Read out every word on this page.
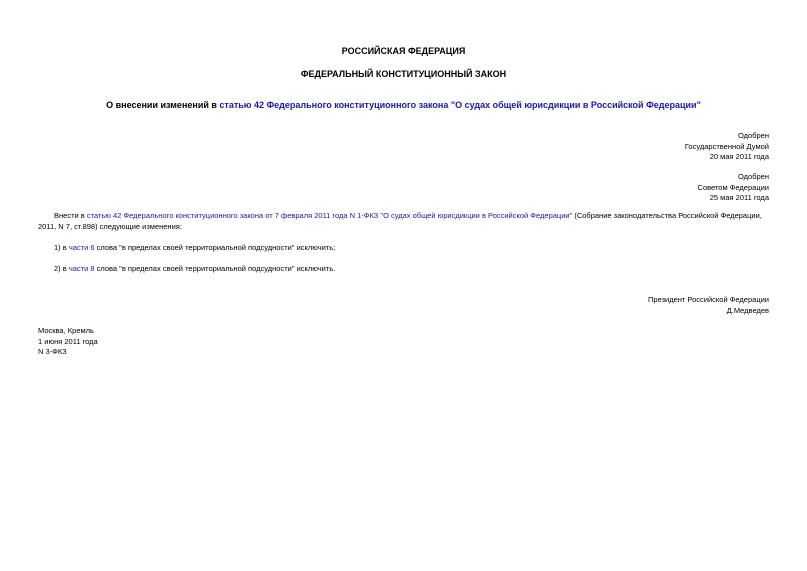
РОССИЙСКАЯ ФЕДЕРАЦИЯ
ФЕДЕРАЛЬНЫЙ КОНСТИТУЦИОННЫЙ ЗАКОН
О внесении изменений в статью 42 Федерального конституционного закона "О судах общей юрисдикции в Российской Федерации"
Одобрен
Государственной Думой
20 мая 2011 года
Одобрен
Советом Федерации
25 мая 2011 года
Внести в статью 42 Федерального конституционного закона от 7 февраля 2011 года N 1-ФКЗ "О судах общей юрисдикции в Российской Федерации" (Собрание законодательства Российской Федерации, 2011, N 7, ст.898) следующие изменения:
1) в части 6 слова "в пределах своей территориальной подсудности" исключить;
2) в части 8 слова "в пределах своей территориальной подсудности" исключить.
Президент Российской Федерации
Д.Медведев
Москва, Кремль
1 июня 2011 года
N 3-ФКЗ
